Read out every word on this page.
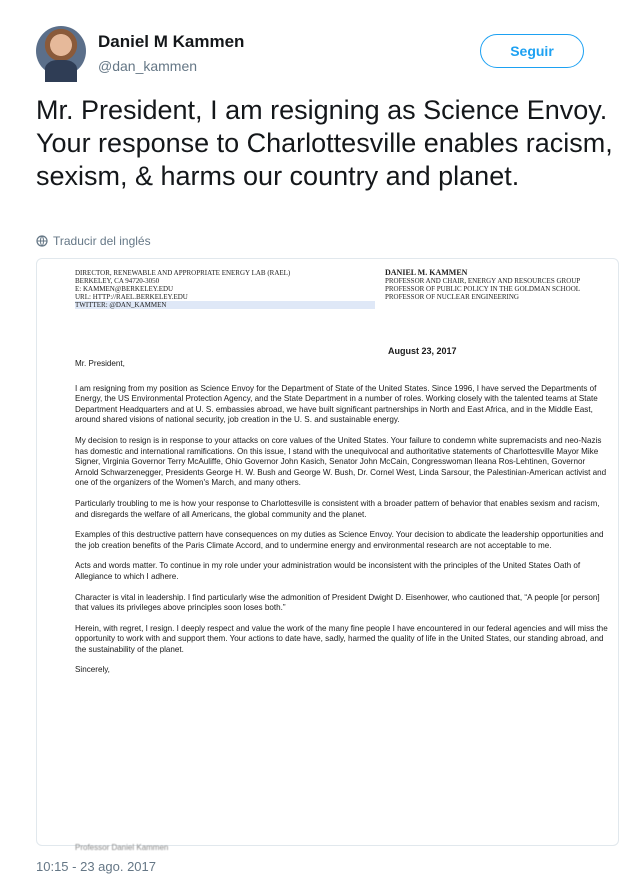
Daniel M Kammen
@dan_kammen
Seguir

Mr. President, I am resigning as Science Envoy. Your response to Charlottesville enables racism, sexism, & harms our country and planet.

Traducir del inglés
DIRECTOR, RENEWABLE AND APPROPRIATE ENERGY LAB (RAEL)
BERKELEY, CA 94720-3050
E: KAMMEN@BERKELEY.EDU
URL: HTTP://RAEL.BERKELEY.EDU
TWITTER: @DAN_KAMMEN
DANIEL M. KAMMEN
PROFESSOR AND CHAIR, ENERGY AND RESOURCES GROUP
PROFESSOR OF PUBLIC POLICY IN THE GOLDMAN SCHOOL
PROFESSOR OF NUCLEAR ENGINEERING
August 23, 2017

Mr. President,

I am resigning from my position as Science Envoy for the Department of State of the United States. Since 1996, I have served the Departments of Energy, the US Environmental Protection Agency, and the State Department in a number of roles. Working closely with the talented teams at State Department Headquarters and at U. S. embassies abroad, we have built significant partnerships in North and East Africa, and in the Middle East, around shared visions of national security, job creation in the U. S. and sustainable energy.

My decision to resign is in response to your attacks on core values of the United States. Your failure to condemn white supremacists and neo-Nazis has domestic and international ramifications. On this issue, I stand with the unequivocal and authoritative statements of Charlottesville Mayor Mike Signer, Virginia Governor Terry McAuliffe, Ohio Governor John Kasich, Senator John McCain, Congresswoman Ileana Ros-Lehtinen, Governor Arnold Schwarzenegger, Presidents George H. W. Bush and George W. Bush, Dr. Cornel West, Linda Sarsour, the Palestinian-American activist and one of the organizers of the Women's March, and many others.

Particularly troubling to me is how your response to Charlottesville is consistent with a broader pattern of behavior that enables sexism and racism, and disregards the welfare of all Americans, the global community and the planet.

Examples of this destructive pattern have consequences on my duties as Science Envoy. Your decision to abdicate the leadership opportunities and the job creation benefits of the Paris Climate Accord, and to undermine energy and environmental research are not acceptable to me.

Acts and words matter. To continue in my role under your administration would be inconsistent with the principles of the United States Oath of Allegiance to which I adhere.

Character is vital in leadership. I find particularly wise the admonition of President Dwight D. Eisenhower, who cautioned that, “A people [or person] that values its privileges above principles soon loses both.”

Herein, with regret, I resign. I deeply respect and value the work of the many fine people I have encountered in our federal agencies and will miss the opportunity to work with and support them. Your actions to date have, sadly, harmed the quality of life in the United States, our standing abroad, and the sustainability of the planet.

Sincerely,

Professor Daniel Kammen
10:15 - 23 ago. 2017
